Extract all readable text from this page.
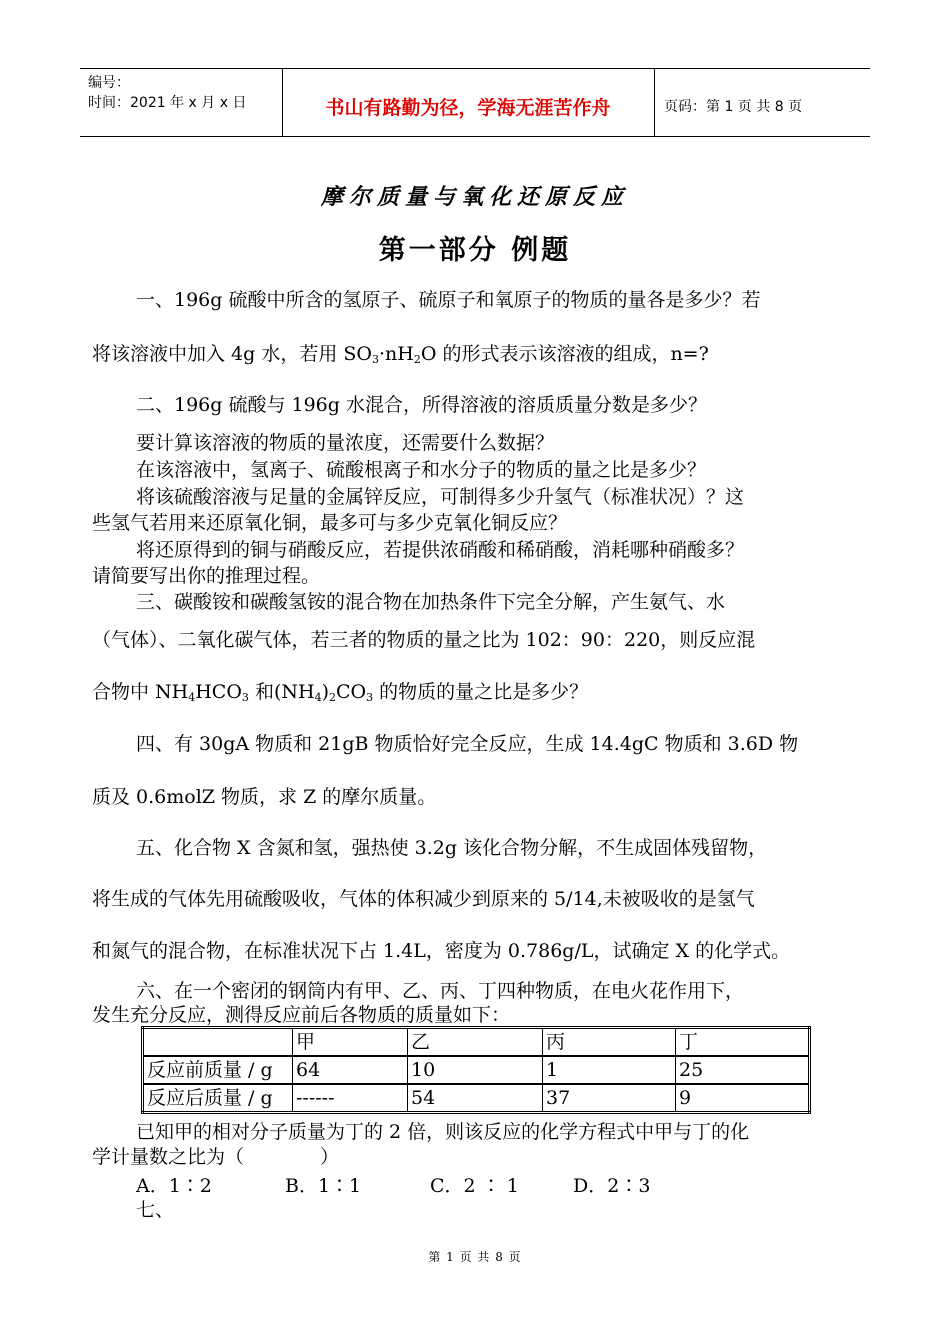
编号：
时间：2021 年 x 月 x 日	书山有路勤为径，学海无涯苦作舟	页码：第 1 页 共 8 页
摩尔质量与氧化还原反应
第一部分 例题
一、196g 硫酸中所含的氢原子、硫原子和氧原子的物质的量各是多少？若
将该溶液中加入 4g 水，若用 $SO_3\cdot nH_2O$ 的形式表示该溶液的组成，n=?
二、196g 硫酸与 196g 水混合，所得溶液的溶质质量分数是多少？
要计算该溶液的物质的量浓度，还需要什么数据？
在该溶液中，氢离子、硫酸根离子和水分子的物质的量之比是多少？
将该硫酸溶液与足量的金属锌反应，可制得多少升氢气（标准状况）？这
些氢气若用来还原氧化铜，最多可与多少克氧化铜反应？
将还原得到的铜与硝酸反应，若提供浓硝酸和稀硝酸，消耗哪种硝酸多？
请简要写出你的推理过程。
三、碳酸铵和碳酸氢铵的混合物在加热条件下完全分解，产生氨气、水
（气体）、二氧化碳气体，若三者的物质的量之比为 102：90：220，则反应混
合物中 $NH_4HCO_3$ 和$(NH_4)_2CO_3$ 的物质的量之比是多少？
四、有 30gA 物质和 21gB 物质恰好完全反应，生成 14.4gC 物质和 3.6D 物
质及 0.6molZ 物质，求 Z 的摩尔质量。
五、化合物 X 含氮和氢，强热使 3.2g 该化合物分解，不生成固体残留物，
将生成的气体先用硫酸吸收，气体的体积减少到原来的 5/14,未被吸收的是氢气
和氮气的混合物，在标准状况下占 1.4L，密度为 0.786g/L，试确定 X 的化学式。
六、在一个密闭的钢筒内有甲、乙、丙、丁四种物质，在电火花作用下，
发生充分反应，测得反应前后各物质的质量如下：
	甲	乙	丙	丁
反应前质量 / g	64	10	1	25
反应后质量 / g	------	54	37	9
已知甲的相对分子质量为丁的 2 倍，则该反应的化学方程式中甲与丁的化
学计量数之比为（　　　　）
A．1∶2	B．1∶1	C．2 ∶ 1	D．2∶3
七、
第 1 页 共 8 页
